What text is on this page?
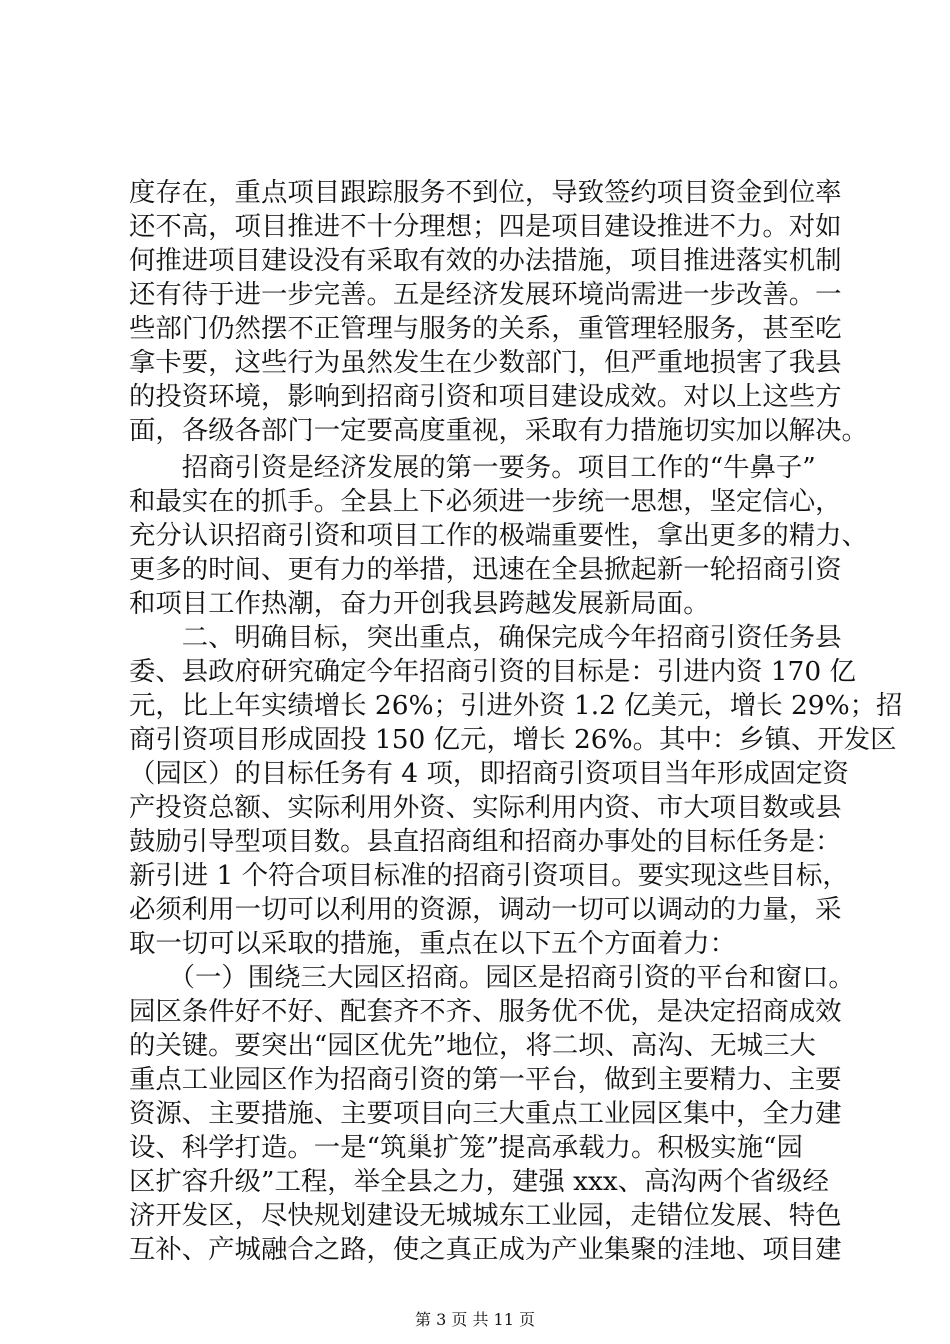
度存在，重点项目跟踪服务不到位，导致签约项目资金到位率
还不高，项目推进不十分理想；四是项目建设推进不力。对如
何推进项目建设没有采取有效的办法措施，项目推进落实机制
还有待于进一步完善。五是经济发展环境尚需进一步改善。一
些部门仍然摆不正管理与服务的关系，重管理轻服务，甚至吃
拿卡要，这些行为虽然发生在少数部门，但严重地损害了我县
的投资环境，影响到招商引资和项目建设成效。对以上这些方
面，各级各部门一定要高度重视，采取有力措施切实加以解决。
　　招商引资是经济发展的第一要务。项目工作的“牛鼻子”
和最实在的抓手。全县上下必须进一步统一思想，坚定信心，
充分认识招商引资和项目工作的极端重要性，拿出更多的精力、
更多的时间、更有力的举措，迅速在全县掀起新一轮招商引资
和项目工作热潮，奋力开创我县跨越发展新局面。
　　二、明确目标，突出重点，确保完成今年招商引资任务县
委、县政府研究确定今年招商引资的目标是：引进内资 170 亿
元，比上年实绩增长 26%；引进外资 1.2 亿美元，增长 29%；招
商引资项目形成固投 150 亿元，增长 26%。其中：乡镇、开发区
（园区）的目标任务有 4 项，即招商引资项目当年形成固定资
产投资总额、实际利用外资、实际利用内资、市大项目数或县
鼓励引导型项目数。县直招商组和招商办事处的目标任务是：
新引进 1 个符合项目标准的招商引资项目。要实现这些目标，
必须利用一切可以利用的资源，调动一切可以调动的力量，采
取一切可以采取的措施，重点在以下五个方面着力：
　　（一）围绕三大园区招商。园区是招商引资的平台和窗口。
园区条件好不好、配套齐不齐、服务优不优，是决定招商成效
的关键。要突出“园区优先”地位，将二坝、高沟、无城三大
重点工业园区作为招商引资的第一平台，做到主要精力、主要
资源、主要措施、主要项目向三大重点工业园区集中，全力建
设、科学打造。一是“筑巢扩笼”提高承载力。积极实施“园
区扩容升级”工程，举全县之力，建强 xxx、高沟两个省级经
济开发区，尽快规划建设无城城东工业园，走错位发展、特色
互补、产城融合之路，使之真正成为产业集聚的洼地、项目建
第 3 页 共 11 页
